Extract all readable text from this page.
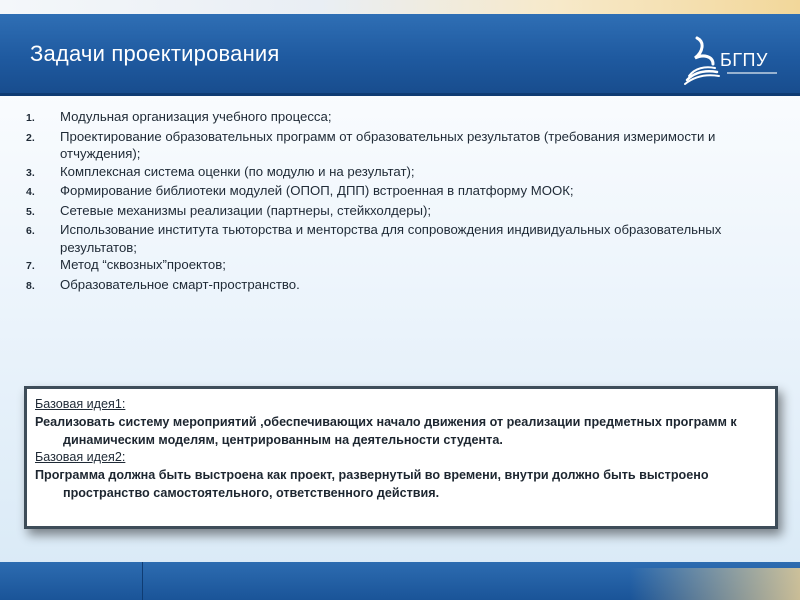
Задачи проектирования	БГПУ
1.	Модульная организация учебного процесса;
2.	Проектирование образовательных программ от образовательных результатов (требования измеримости и отчуждения);
3.	Комплексная система оценки (по модулю и на результат);
4.	Формирование библиотеки модулей (ОПОП, ДПП) встроенная в платформу МООК;
5.	Сетевые механизмы реализации (партнеры, стейкхолдеры);
6.	Использование института тьюторства и менторства для сопровождения индивидуальных образовательных результатов;
7.	Метод “сквозных”проектов;
8.	Образовательное смарт-пространство.
Базовая идея1:
Реализовать систему мероприятий ,обеспечивающих начало движения от реализации предметных программ к динамическим моделям, центрированным на деятельности студента.
Базовая идея2:
Программа должна быть выстроена как проект, развернутый во времени, внутри должно быть выстроено пространство самостоятельного, ответственного действия.
